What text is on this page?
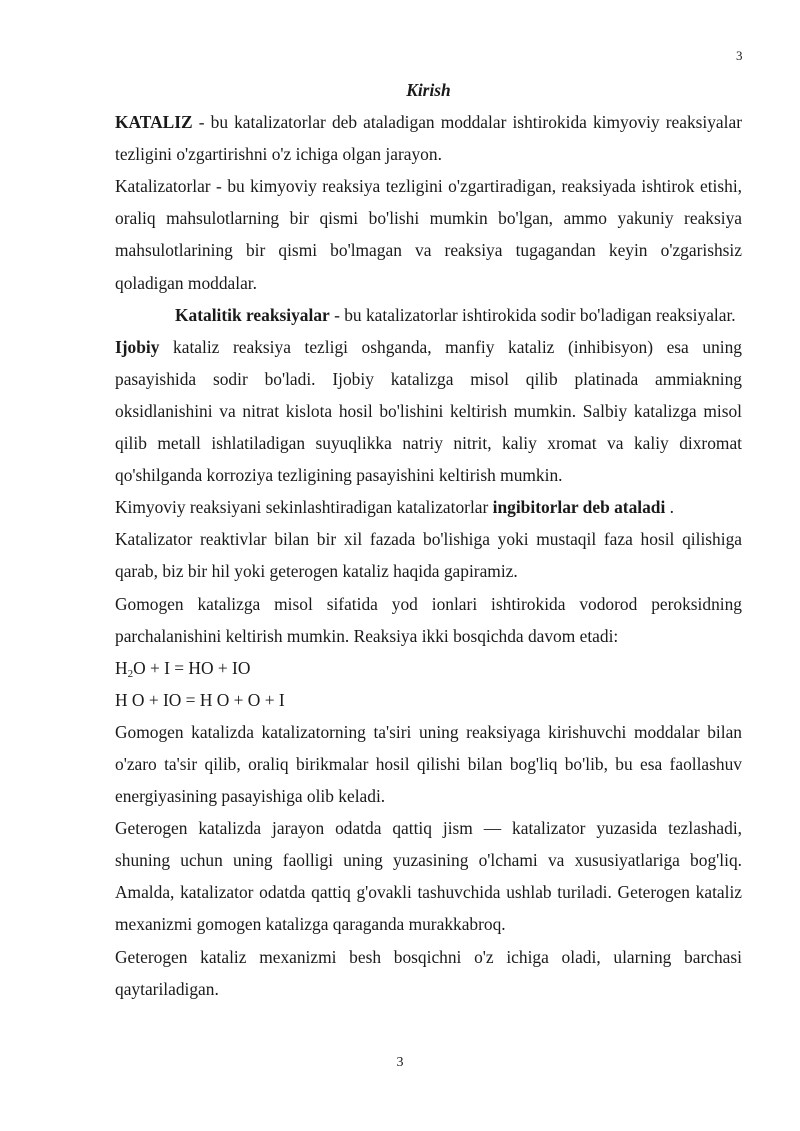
3

Kirish

KATALIZ - bu katalizatorlar deb ataladigan moddalar ishtirokida kimyoviy reaksiyalar tezligini o'zgartirishni o'z ichiga olgan jarayon.

Katalizatorlar - bu kimyoviy reaksiya tezligini o'zgartiradigan, reaksiyada ishtirok etishi, oraliq mahsulotlarning bir qismi bo'lishi mumkin bo'lgan, ammo yakuniy reaksiya mahsulotlarining bir qismi bo'lmagan va reaksiya tugagandan keyin o'zgarishsiz qoladigan moddalar.

Katalitik reaksiyalar - bu katalizatorlar ishtirokida sodir bo'ladigan reaksiyalar.

Ijobiy kataliz reaksiya tezligi oshganda, manfiy kataliz (inhibisyon) esa uning pasayishida sodir bo'ladi. Ijobiy katalizga misol qilib platinada ammiakning oksidlanishini va nitrat kislota hosil bo'lishini keltirish mumkin. Salbiy katalizga misol qilib metall ishlatiladigan suyuqlikka natriy nitrit, kaliy xromat va kaliy dixromat qo'shilganda korroziya tezligining pasayishini keltirish mumkin.

Kimyoviy reaksiyani sekinlashtiradigan katalizatorlar ingibitorlar deb ataladi .

Katalizator reaktivlar bilan bir xil fazada bo'lishiga yoki mustaqil faza hosil qilishiga qarab, biz bir hil yoki geterogen kataliz haqida gapiramiz.

Gomogen katalizga misol sifatida yod ionlari ishtirokida vodorod peroksidning parchalanishini keltirish mumkin. Reaksiya ikki bosqichda davom etadi:

$H_2O + I$ = HO + IO

H O + IO = H O + O + I

Gomogen katalizda katalizatorning ta'siri uning reaksiyaga kirishuvchi moddalar bilan o'zaro ta'sir qilib, oraliq birikmalar hosil qilishi bilan bog'liq bo'lib, bu esa faollashuv energiyasining pasayishiga olib keladi.

Geterogen katalizda jarayon odatda qattiq jism — katalizator yuzasida tezlashadi, shuning uchun uning faolligi uning yuzasining o'lchami va xususiyatlariga bog'liq. Amalda, katalizator odatda qattiq g'ovakli tashuvchida ushlab turiladi. Geterogen kataliz mexanizmi gomogen katalizga qaraganda murakkabroq.

Geterogen kataliz mexanizmi besh bosqichni o'z ichiga oladi, ularning barchasi qaytariladigan.

3
